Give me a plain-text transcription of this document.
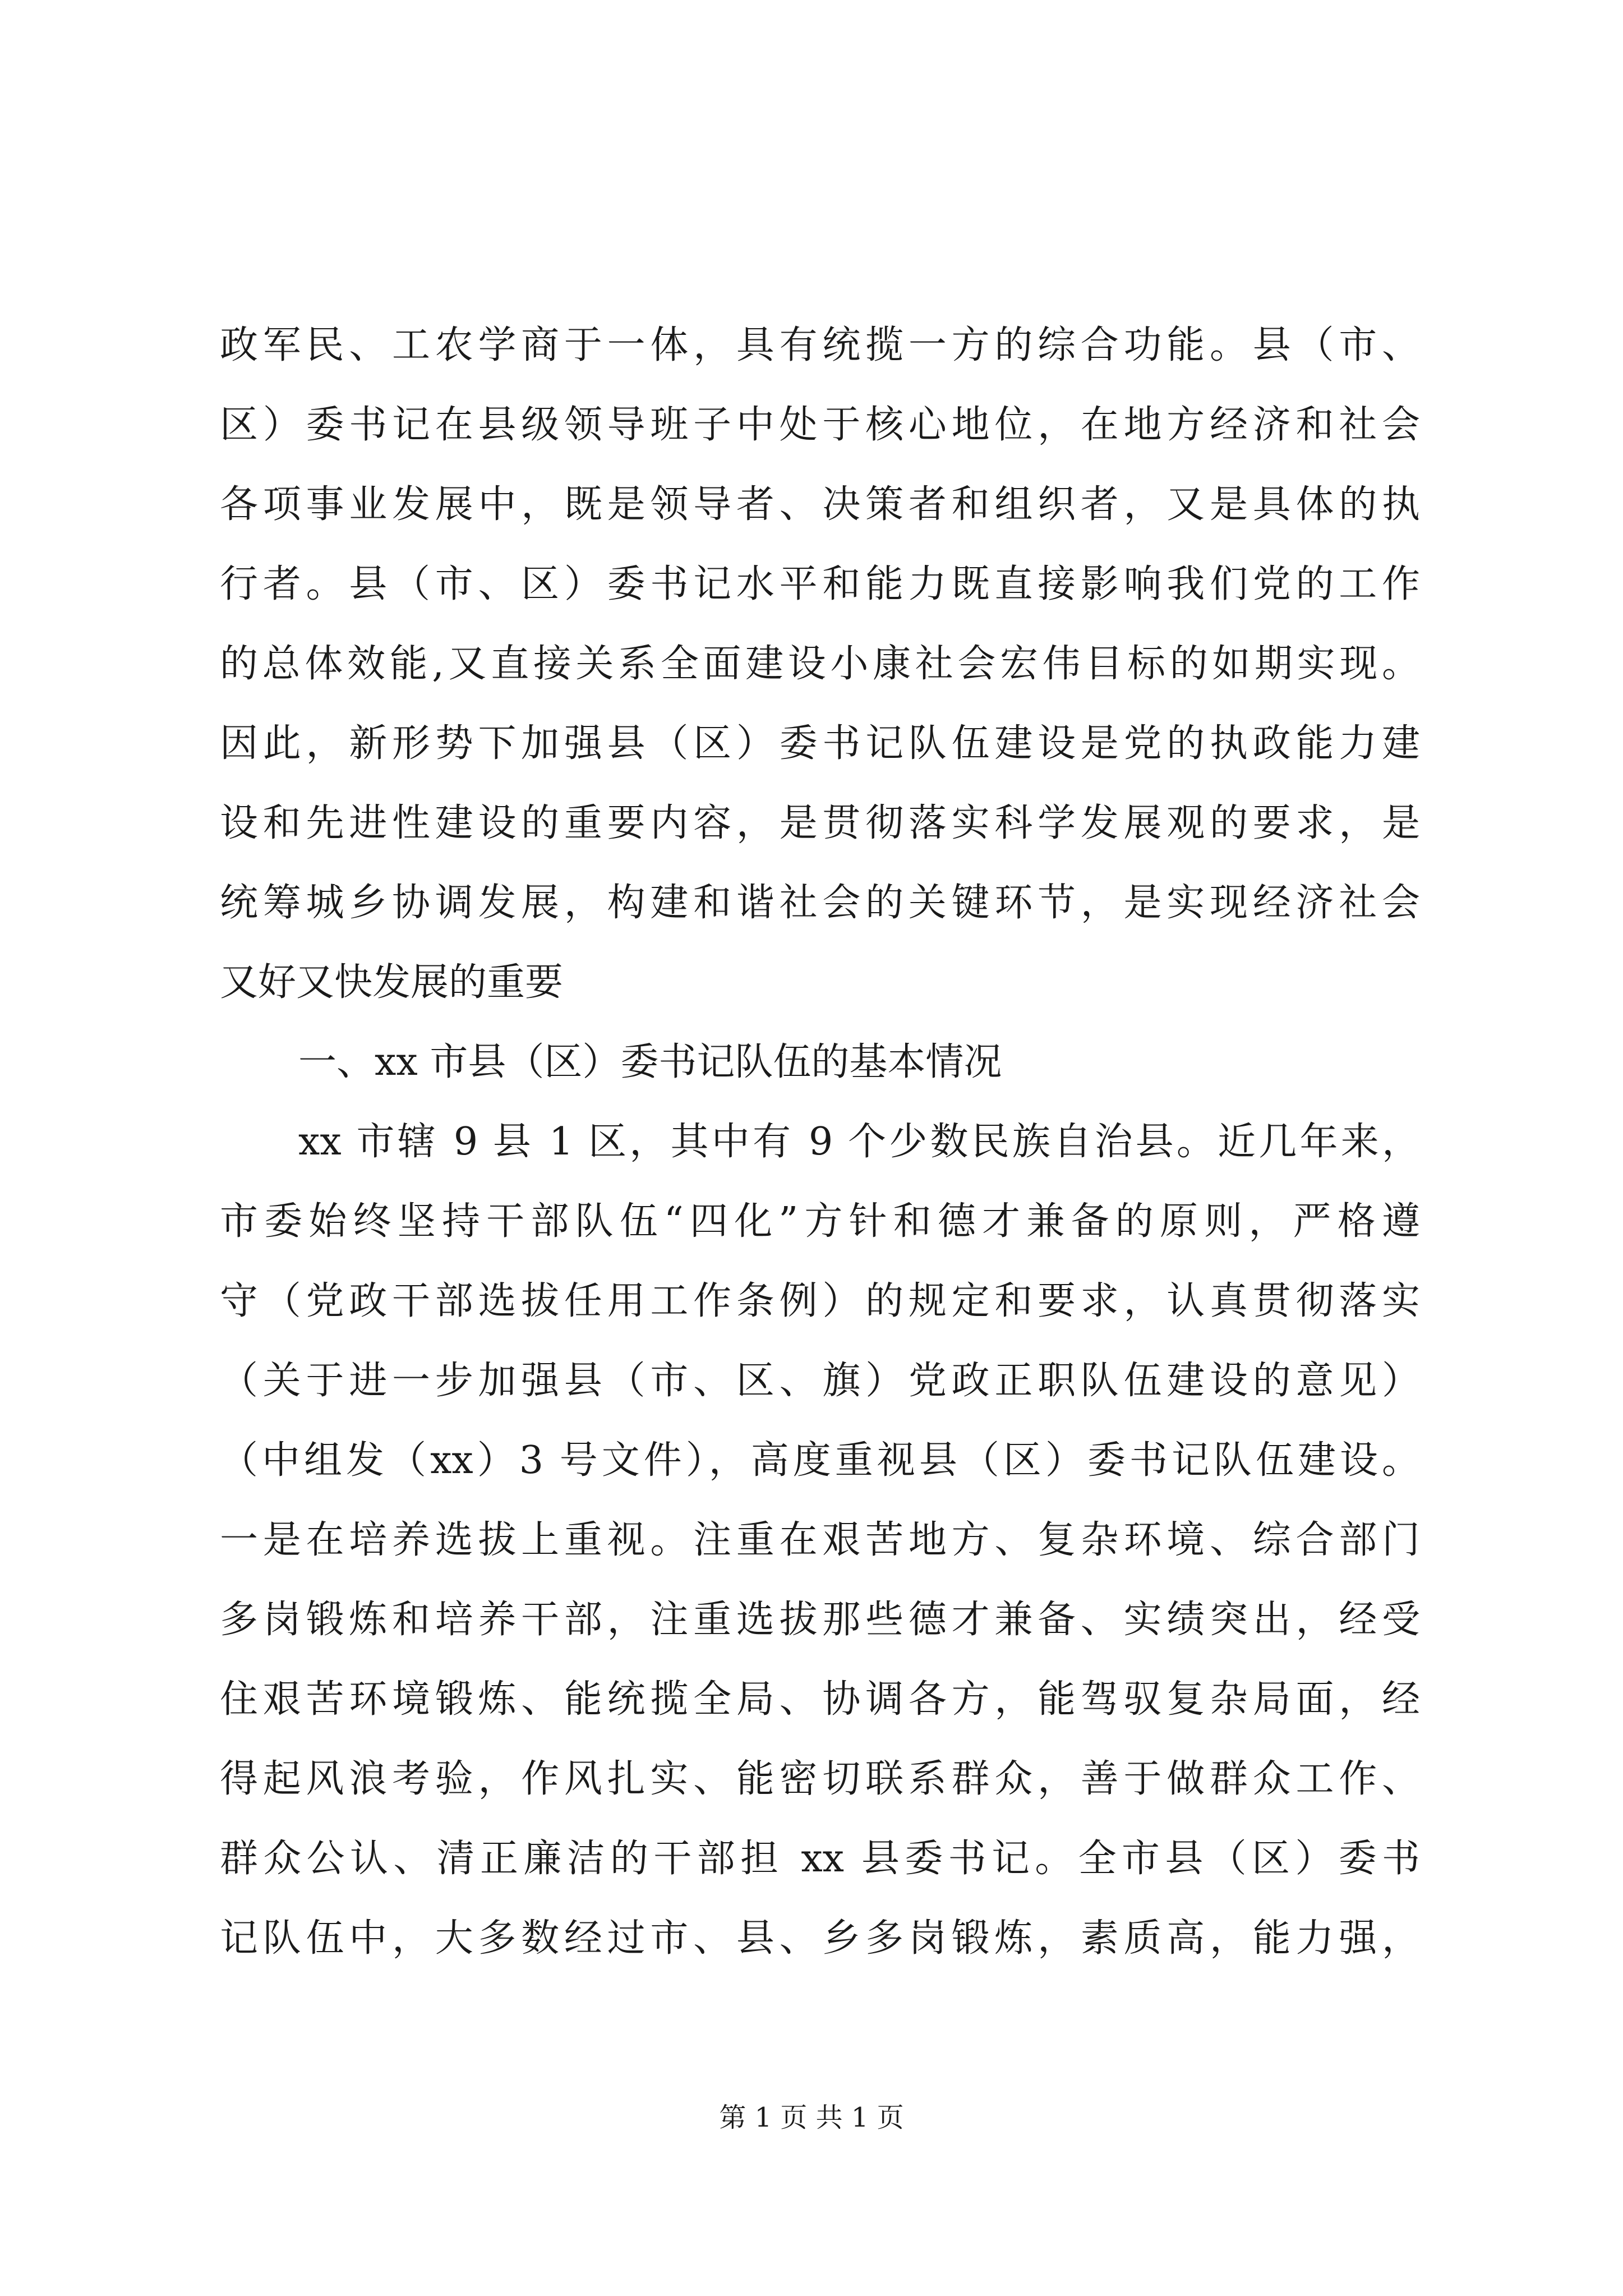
政军民、工农学商于一体，具有统揽一方的综合功能。县（市、
区）委书记在县级领导班子中处于核心地位，在地方经济和社会
各项事业发展中，既是领导者、决策者和组织者，又是具体的执
行者。县（市、区）委书记水平和能力既直接影响我们党的工作
的总体效能,又直接关系全面建设小康社会宏伟目标的如期实现。
因此，新形势下加强县（区）委书记队伍建设是党的执政能力建
设和先进性建设的重要内容，是贯彻落实科学发展观的要求，是
统筹城乡协调发展，构建和谐社会的关键环节，是实现经济社会
又好又快发展的重要
一、xx 市县（区）委书记队伍的基本情况
xx 市辖 9 县 1 区，其中有 9 个少数民族自治县。近几年来，
市委始终坚持干部队伍“四化”方针和德才兼备的原则，严格遵
守（党政干部选拔任用工作条例）的规定和要求，认真贯彻落实
（关于进一步加强县（市、区、旗）党政正职队伍建设的意见）
（中组发（xx）3 号文件），高度重视县（区）委书记队伍建设。
一是在培养选拔上重视。注重在艰苦地方、复杂环境、综合部门
多岗锻炼和培养干部，注重选拔那些德才兼备、实绩突出，经受
住艰苦环境锻炼、能统揽全局、协调各方，能驾驭复杂局面，经
得起风浪考验，作风扎实、能密切联系群众，善于做群众工作、
群众公认、清正廉洁的干部担 xx 县委书记。全市县（区）委书
记队伍中，大多数经过市、县、乡多岗锻炼，素质高，能力强，
第 1 页 共 1 页
